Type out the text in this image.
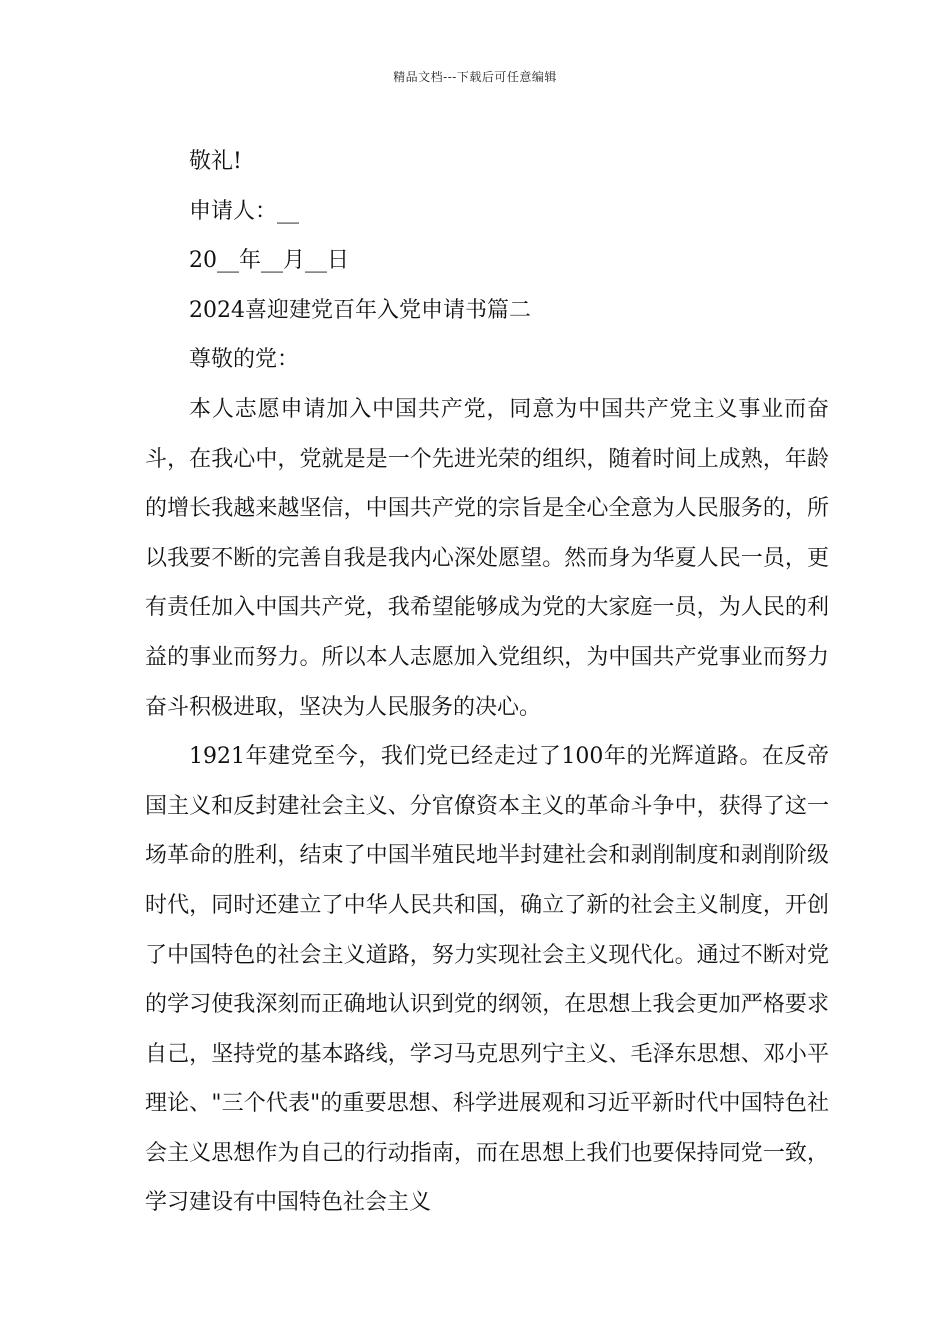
精品文档---下载后可任意编辑

敬礼!

申请人：__

20__年__月__日

2024喜迎建党百年入党申请书篇二

尊敬的党：

本人志愿申请加入中国共产党，同意为中国共产党主义事业而奋斗，在我心中，党就是是一个先进光荣的组织，随着时间上成熟，年龄的增长我越来越坚信，中国共产党的宗旨是全心全意为人民服务的，所以我要不断的完善自我是我内心深处愿望。然而身为华夏人民一员，更有责任加入中国共产党，我希望能够成为党的大家庭一员，为人民的利益的事业而努力。所以本人志愿加入党组织，为中国共产党事业而努力奋斗积极进取，坚决为人民服务的决心。

1921年建党至今，我们党已经走过了100年的光辉道路。在反帝国主义和反封建社会主义、分官僚资本主义的革命斗争中，获得了这一场革命的胜利，结束了中国半殖民地半封建社会和剥削制度和剥削阶级时代，同时还建立了中华人民共和国，确立了新的社会主义制度，开创了中国特色的社会主义道路，努力实现社会主义现代化。通过不断对党的学习使我深刻而正确地认识到党的纲领，在思想上我会更加严格要求自己，坚持党的基本路线，学习马克思列宁主义、毛泽东思想、邓小平理论、"三个代表"的重要思想、科学进展观和习近平新时代中国特色社会主义思想作为自己的行动指南，而在思想上我们也要保持同党一致，学习建设有中国特色社会主义
